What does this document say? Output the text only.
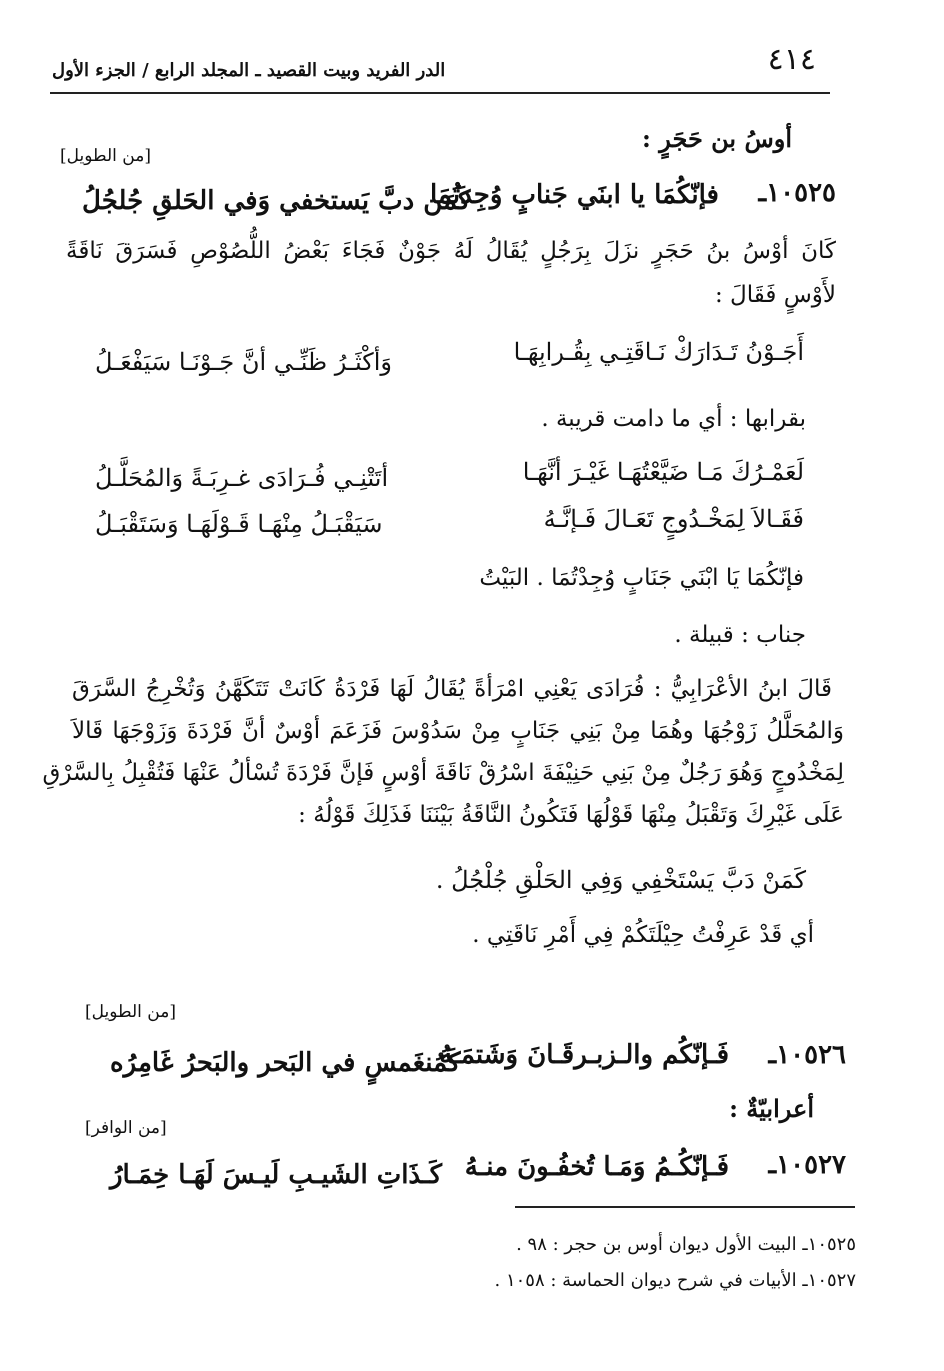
٤١٤
الدر الفريد وبيت القصيد ـ المجلد الرابع / الجزء الأول
أوسُ بن حَجَرٍ :
[من الطويل]
١٠٥٢٥ـ
فإنّكُمَا يا ابنَي جَنابٍ وُجِدتُمَا
كَمَن دبَّ يَستخفي وَفي الحَلقِ جُلجُلُ
كَانَ أوْسُ بنُ حَجَرٍ نزَلَ بِرَجُلٍ يُقَالُ لَهُ جَوْنٌ فَجَاءَ بَعْضُ اللُّصُوْصِ فَسَرَقَ نَاقَةً
لأَوْسٍ فَقَالَ :
أَجَـوْنُ تَـدَارَكْ نَـاقَتِـي بِقُـرابِهَـا
وَأكْثَـرُ ظَنِّـي أنَّ جَـوْنَـا سَيَفْعَـلُ
بقرابها : أي ما دامت قريبة .
لَعَمْـرُكَ مَـا ضَيَّعْتُهَـا غَيْـرَ أنَّهَـا
أتَتْنِـي فُـرَادَى غـرِبَـةً وَالمُحَلَّـلُ
فَقَـالاَ لِمَخْـدُوجٍ تَعَـالَ فَـإنَّـهُ
سَيَقْبَـلُ مِنْهَـا قَـوْلَهَـا وَسَتَقْبَـلُ
فإنّكُمَا يَا ابْنَي جَنَابٍ وُجِدْتُمَا . البَيْتُ
جناب : قبيلة .
قَالَ ابنُ الأعْرَابِيُّ : فُرَادَى يَعْنِي امْرَأةً يُقَالُ لَهَا فَرْدَةُ كَانَتْ تَتَكَهَّنُ وَتُخْرِجُ السَّرَقَ
وَالمُحَلَّلُ زَوْجُهَا وهُمَا مِنْ بَنِي جَنَابٍ مِنْ سَدُوْسَ فَزَعَمَ أوْسٌ أنَّ فَرْدَةَ وَزَوْجَهَا قَالاَ
لِمَخْدُوجٍ وَهُوَ رَجُلٌ مِنْ بَنِي حَنِيْفَةَ اسْرُقْ نَاقَةَ أوْسٍ فَإنَّ فَرْدَةَ تُسْألُ عَنْهَا فَتُقْبِلُ بِالسَّرْقِ
عَلَى غَيْرِكَ وَتَقْبَلُ مِنْهَا قَوْلُهَا فَتَكُونُ النَّاقَةُ بَيْنَنَا فَذَلِكَ قَوْلُهُ :
كَمَنْ دَبَّ يَسْتَخْفِي وَفِي الحَلْقِ جُلْجُلُ .
أي قَدْ عَرِفْتُ حِيْلَتَكُمْ فِي أَمْرِ نَاقَتِي .
[من الطويل]
١٠٥٢٦ـ
فَـإنّكُم والـزبـرقَـانَ وَشَتمَـهُ
كَمُنغَمسٍ في البَحر والبَحرُ غَامِرُه
أعرابيّةٌ :
[من الوافر]
١٠٥٢٧ـ
فَـإنّكُـمُ وَمَـا تُخفُـونَ منـهُ
كَـذَاتِ الشَيـبِ لَيـسَ لَهَـا خِمَـارُ
١٠٥٢٥ـ البيت الأول ديوان أوس بن حجر : ٩٨ .
١٠٥٢٧ـ الأبيات في شرح ديوان الحماسة : ١٠٥٨ .
